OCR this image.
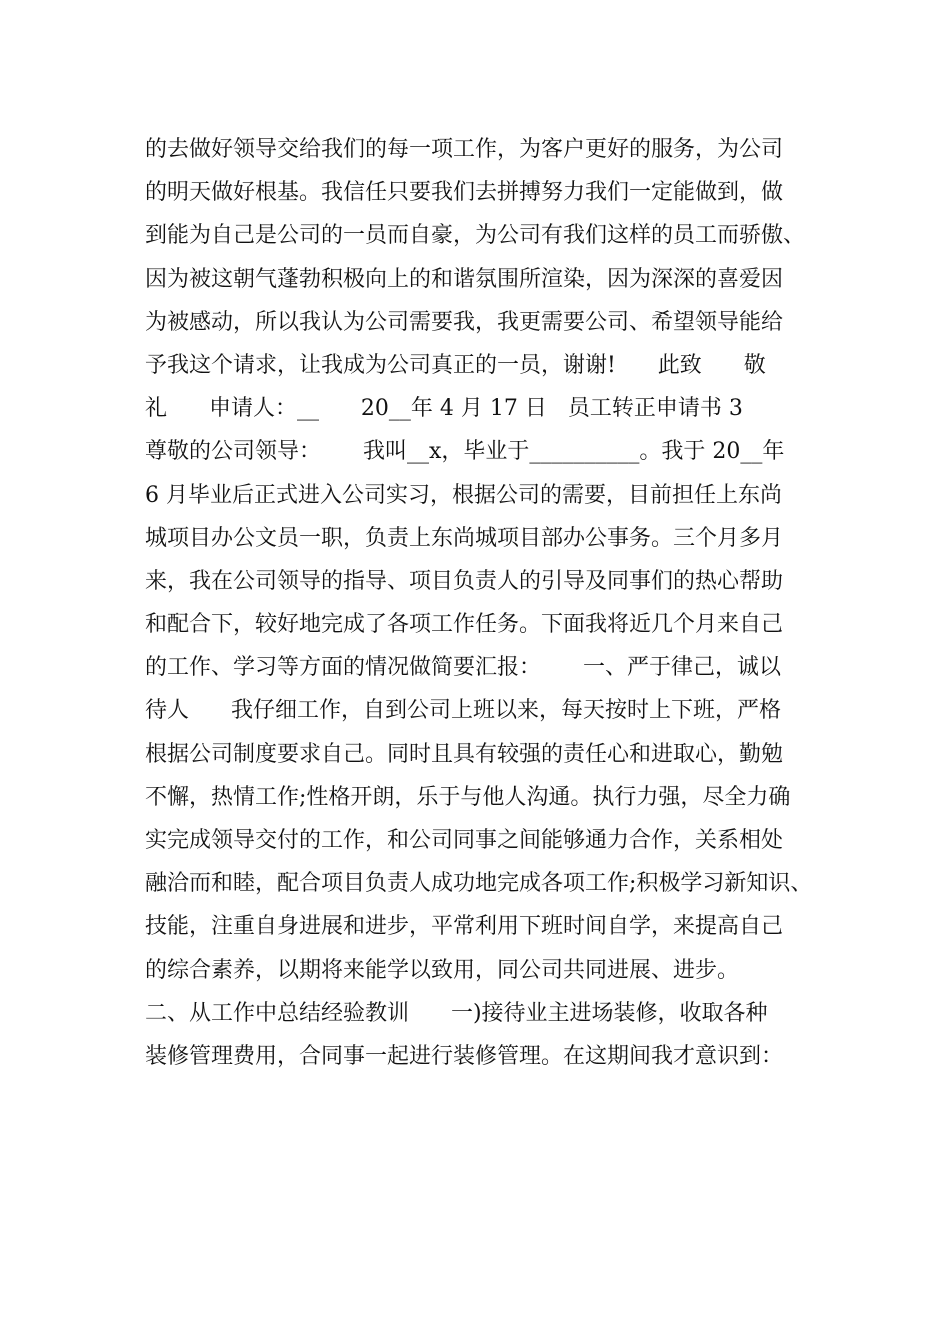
的去做好领导交给我们的每一项工作，为客户更好的服务，为公司
的明天做好根基。我信任只要我们去拼搏努力我们一定能做到，做
到能为自己是公司的一员而自豪，为公司有我们这样的员工而骄傲、
因为被这朝气蓬勃积极向上的和谐氛围所渲染，因为深深的喜爱因
为被感动，所以我认为公司需要我，我更需要公司、希望领导能给
予我这个请求，让我成为公司真正的一员，谢谢!      此致      敬
礼      申请人：__      20__年 4 月 17 日   员工转正申请书 3
尊敬的公司领导：      我叫__x，毕业于__________。我于 20__年
6 月毕业后正式进入公司实习，根据公司的需要，目前担任上东尚
城项目办公文员一职，负责上东尚城项目部办公事务。三个月多月
来，我在公司领导的指导、项目负责人的引导及同事们的热心帮助
和配合下，较好地完成了各项工作任务。下面我将近几个月来自己
的工作、学习等方面的情况做简要汇报：      一、严于律己，诚以
待人      我仔细工作，自到公司上班以来，每天按时上下班，严格
根据公司制度要求自己。同时且具有较强的责任心和进取心，勤勉
不懈，热情工作;性格开朗，乐于与他人沟通。执行力强，尽全力确
实完成领导交付的工作，和公司同事之间能够通力合作，关系相处
融洽而和睦，配合项目负责人成功地完成各项工作;积极学习新知识、
技能，注重自身进展和进步，平常利用下班时间自学，来提高自己
的综合素养，以期将来能学以致用，同公司共同进展、进步。
二、从工作中总结经验教训      一)接待业主进场装修，收取各种
装修管理费用，合同事一起进行装修管理。在这期间我才意识到：
